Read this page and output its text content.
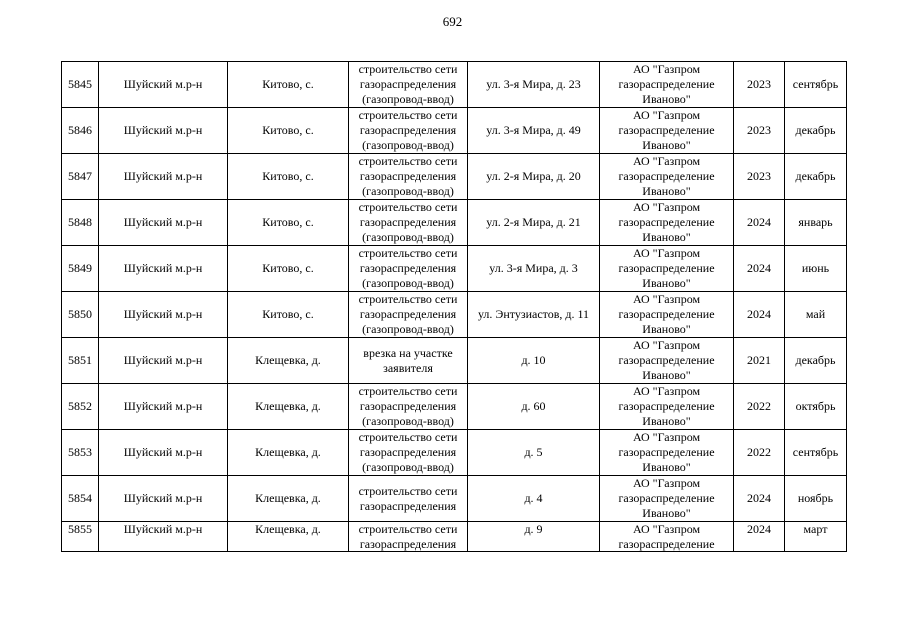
692
5845	Шуйский м.р-н	Китово, с.	строительство сети газораспределения (газопровод-ввод)	ул. 3-я Мира, д. 23	АО "Газпром газораспределение Иваново"	2023	сентябрь

5846	Шуйский м.р-н	Китово, с.	строительство сети газораспределения (газопровод-ввод)	ул. 3-я Мира, д. 49	АО "Газпром газораспределение Иваново"	2023	декабрь

5847	Шуйский м.р-н	Китово, с.	строительство сети газораспределения (газопровод-ввод)	ул. 2-я Мира, д. 20	АО "Газпром газораспределение Иваново"	2023	декабрь

5848	Шуйский м.р-н	Китово, с.	строительство сети газораспределения (газопровод-ввод)	ул. 2-я Мира, д. 21	АО "Газпром газораспределение Иваново"	2024	январь

5849	Шуйский м.р-н	Китово, с.	строительство сети газораспределения (газопровод-ввод)	ул. 3-я Мира, д. 3	АО "Газпром газораспределение Иваново"	2024	июнь

5850	Шуйский м.р-н	Китово, с.	строительство сети газораспределения (газопровод-ввод)	ул. Энтузиастов, д. 11	АО "Газпром газораспределение Иваново"	2024	май

5851	Шуйский м.р-н	Клещевка, д.	врезка на участке заявителя	д. 10	АО "Газпром газораспределение Иваново"	2021	декабрь

5852	Шуйский м.р-н	Клещевка, д.	строительство сети газораспределения (газопровод-ввод)	д. 60	АО "Газпром газораспределение Иваново"	2022	октябрь

5853	Шуйский м.р-н	Клещевка, д.	строительство сети газораспределения (газопровод-ввод)	д. 5	АО "Газпром газораспределение Иваново"	2022	сентябрь

5854	Шуйский м.р-н	Клещевка, д.	строительство сети газораспределения	д. 4	АО "Газпром газораспределение Иваново"	2024	ноябрь

5855	Шуйский м.р-н	Клещевка, д.	строительство сети газораспределения	д. 9	АО "Газпром газораспределение	2024	март
